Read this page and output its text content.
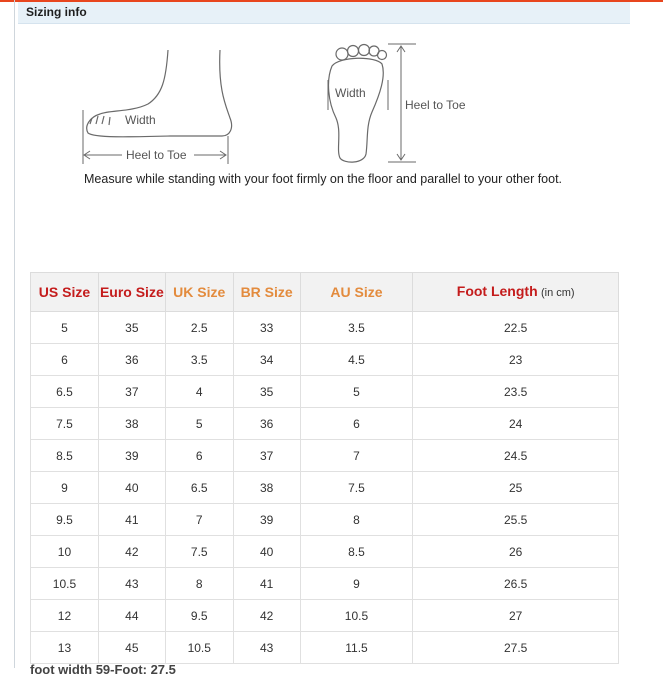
Sizing info
Width
Heel to Toe
Width
Heel to Toe
Measure while standing with your foot firmly on the floor and parallel to your other foot.
US Size	Euro Size	UK Size	BR Size	AU Size	Foot Length (in cm)
5	35	2.5	33	3.5	22.5
6	36	3.5	34	4.5	23
6.5	37	4	35	5	23.5
7.5	38	5	36	6	24
8.5	39	6	37	7	24.5
9	40	6.5	38	7.5	25
9.5	41	7	39	8	25.5
10	42	7.5	40	8.5	26
10.5	43	8	41	9	26.5
12	44	9.5	42	10.5	27
13	45	10.5	43	11.5	27.5
foot width 59-Foot: 27.5
